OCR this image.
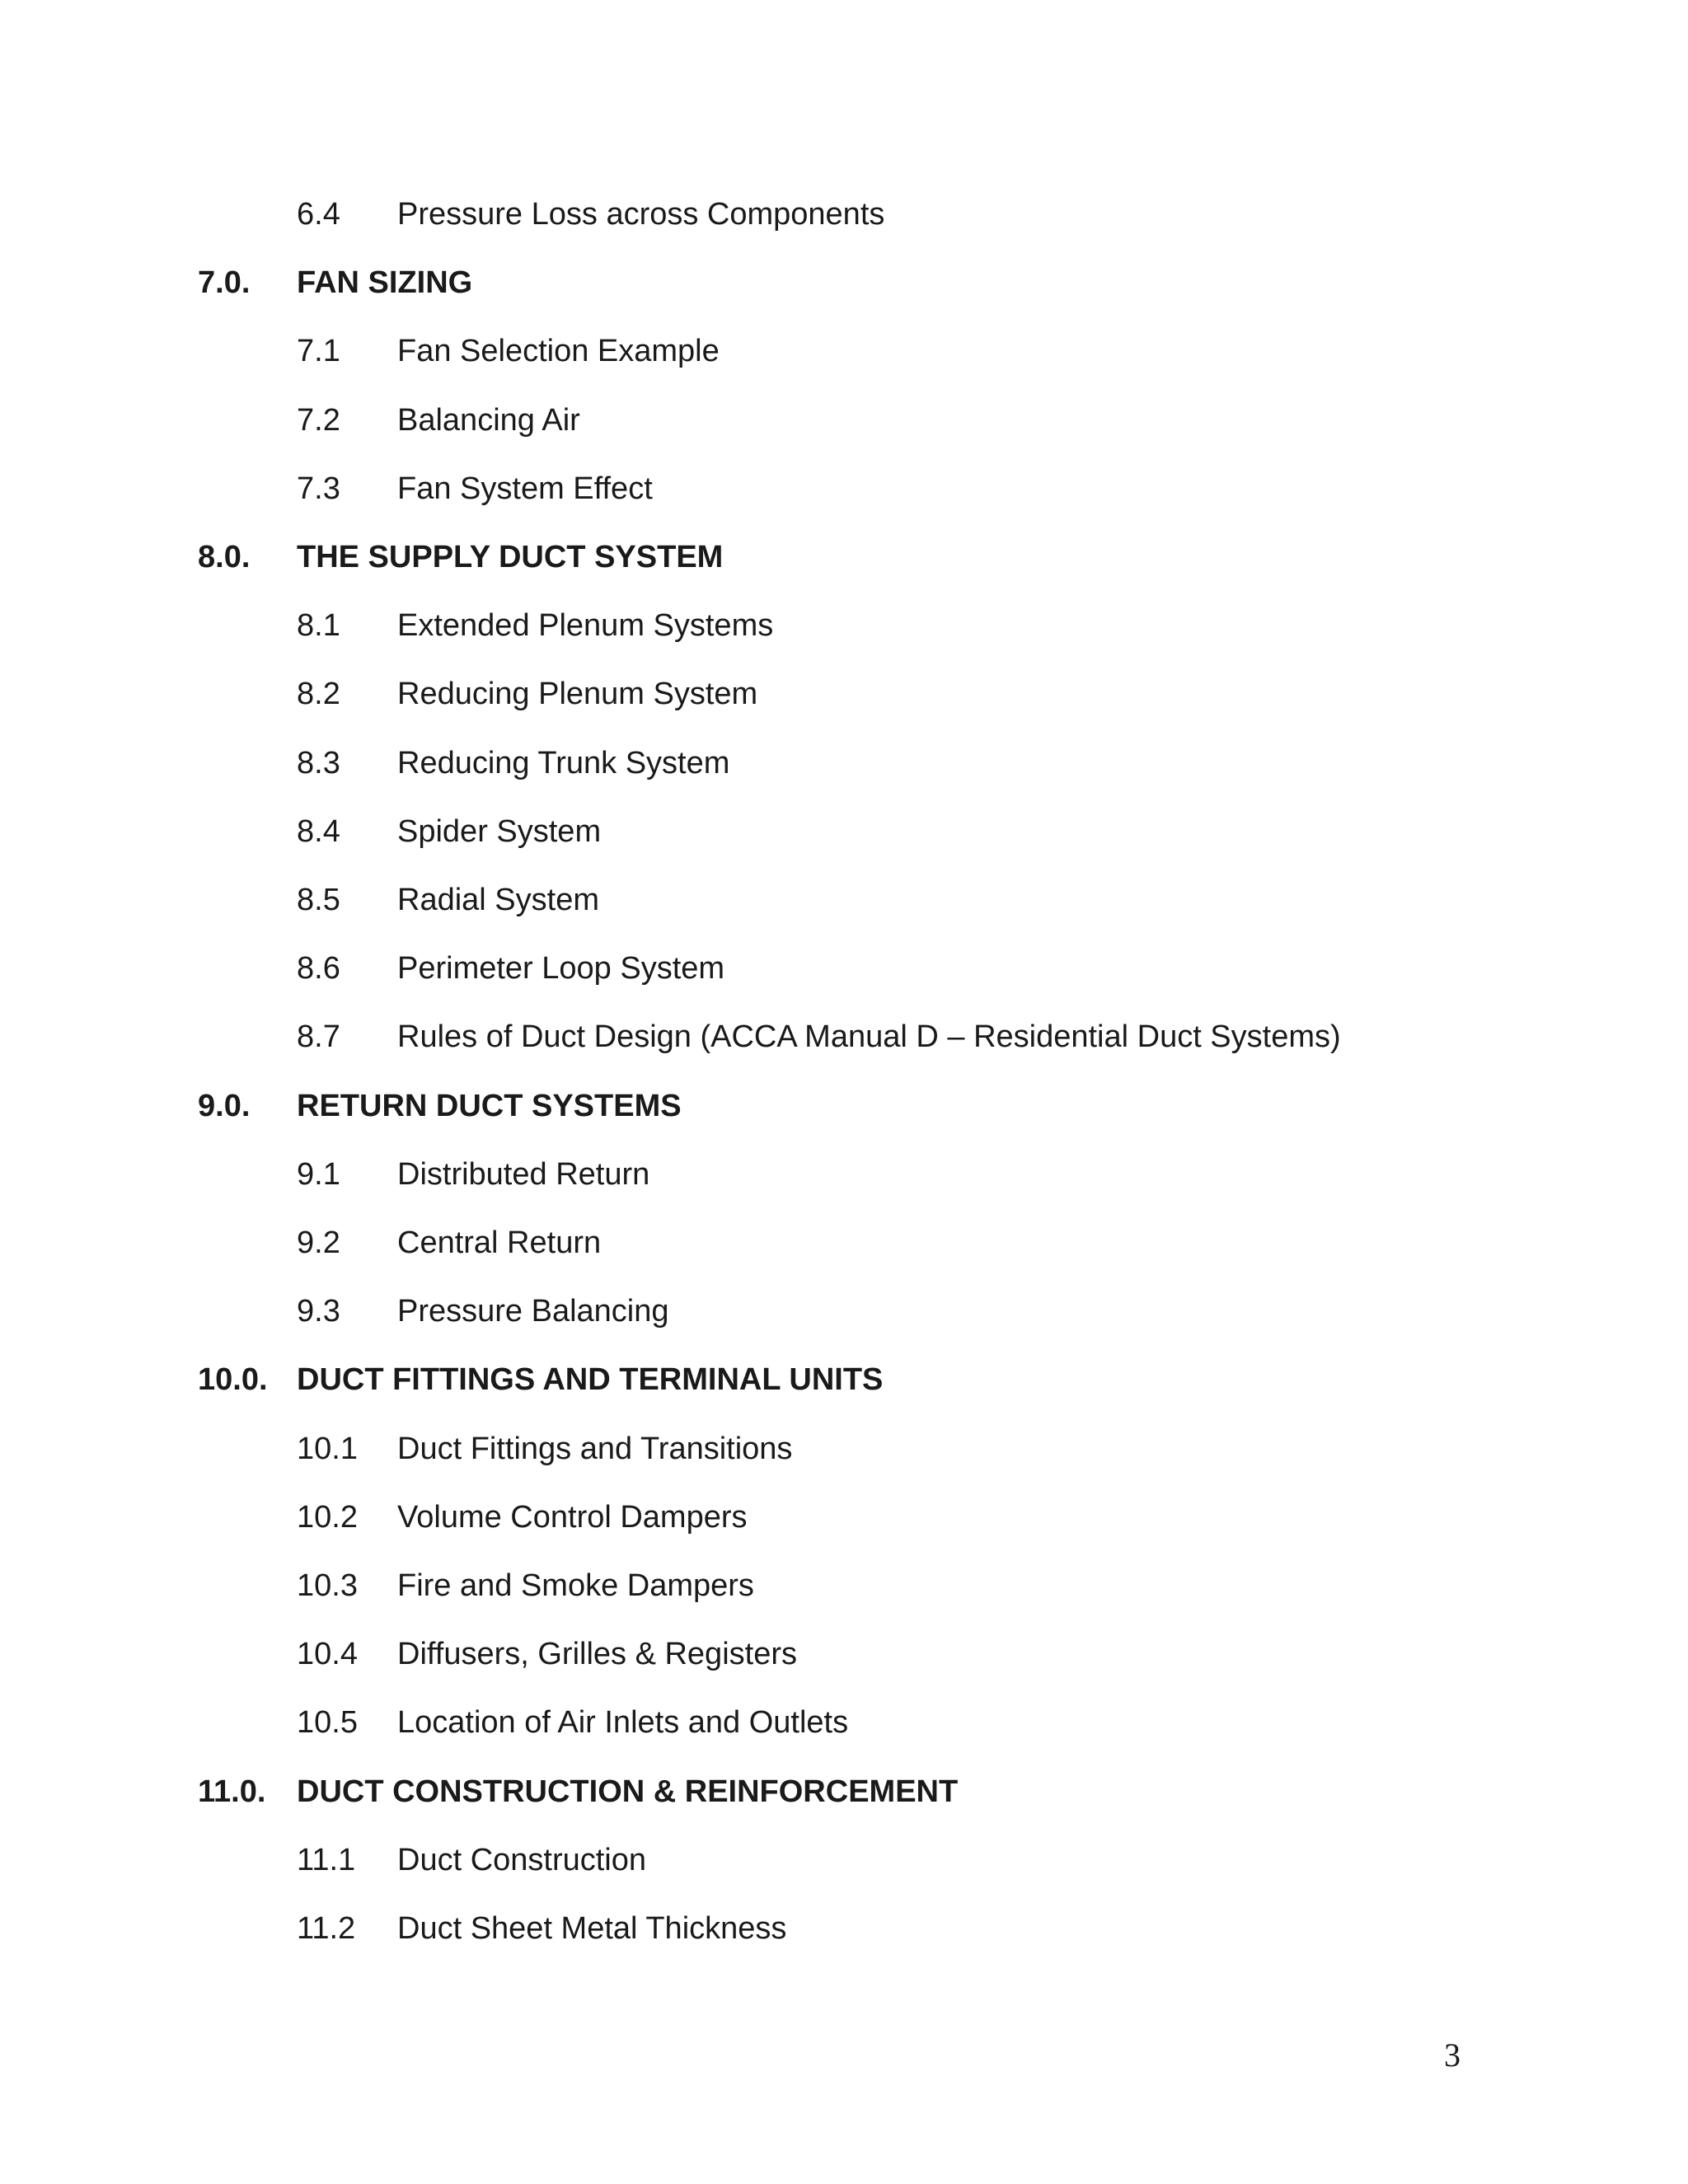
6.4 Pressure Loss across Components
7.0. FAN SIZING
7.1 Fan Selection Example
7.2 Balancing Air
7.3 Fan System Effect
8.0. THE SUPPLY DUCT SYSTEM
8.1 Extended Plenum Systems
8.2 Reducing Plenum System
8.3 Reducing Trunk System
8.4 Spider System
8.5 Radial System
8.6 Perimeter Loop System
8.7 Rules of Duct Design (ACCA Manual D – Residential Duct Systems)
9.0. RETURN DUCT SYSTEMS
9.1 Distributed Return
9.2 Central Return
9.3 Pressure Balancing
10.0. DUCT FITTINGS AND TERMINAL UNITS
10.1 Duct Fittings and Transitions
10.2 Volume Control Dampers
10.3 Fire and Smoke Dampers
10.4 Diffusers, Grilles & Registers
10.5 Location of Air Inlets and Outlets
11.0. DUCT CONSTRUCTION & REINFORCEMENT
11.1 Duct Construction
11.2 Duct Sheet Metal Thickness
3
